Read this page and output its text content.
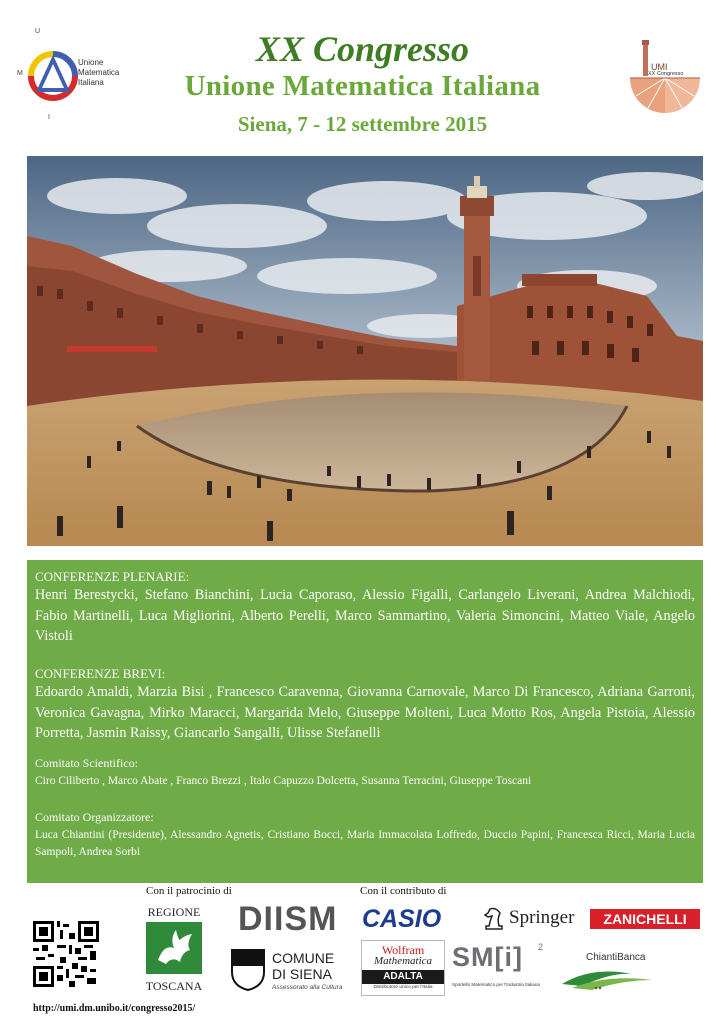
U
M
I
Unione
Matematica
Italiana
XX Congresso
Unione Matematica Italiana
Siena, 7 - 12 settembre 2015
UMI
XX Congresso
CONFERENZE PLENARIE:
Henri Berestycki, Stefano Bianchini, Lucia Caporaso, Alessio Figalli, Carlangelo Liverani, Andrea Malchiodi, Fabio Martinelli, Luca Migliorini, Alberto Perelli, Marco Sammartino, Valeria Simoncini, Matteo Viale, Angelo Vistoli
CONFERENZE BREVI:
Edoardo Amaldi, Marzia Bisi , Francesco Caravenna, Giovanna Carnovale, Marco Di Francesco, Adriana Garroni, Veronica Gavagna, Mirko Maracci, Margarida Melo, Giuseppe Molteni, Luca Motto Ros, Angela Pistoia, Alessio Porretta, Jasmin Raissy, Giancarlo Sangalli, Ulisse Stefanelli
Comitato Scientifico:
Ciro Ciliberto , Marco Abate , Franco Brezzi , Italo Capuzzo Dolcetta, Susanna Terracini, Giuseppe Toscani
Comitato Organizzatore:
Luca Chiantini (Presidente), Alessandro Agnetis, Cristiano Bocci, Maria Immacolata Loffredo, Duccio Papini, Francesca Ricci, Maria Lucia Sampoli, Andrea Sorbi
Con il patrocinio di	Con il contributo di
REGIONE
TOSCANA
DIISM
COMUNE
DI SIENA
Assessorato alla Cultura
CASIO	Springer	ZANICHELLI
Wolfram
Mathematica
ADALTA
Distributore unico per l'Italia
SM[i] 2
Sportello Matematico per l'Industria Italiana
ChiantiBanca
http://umi.dm.unibo.it/congresso2015/
